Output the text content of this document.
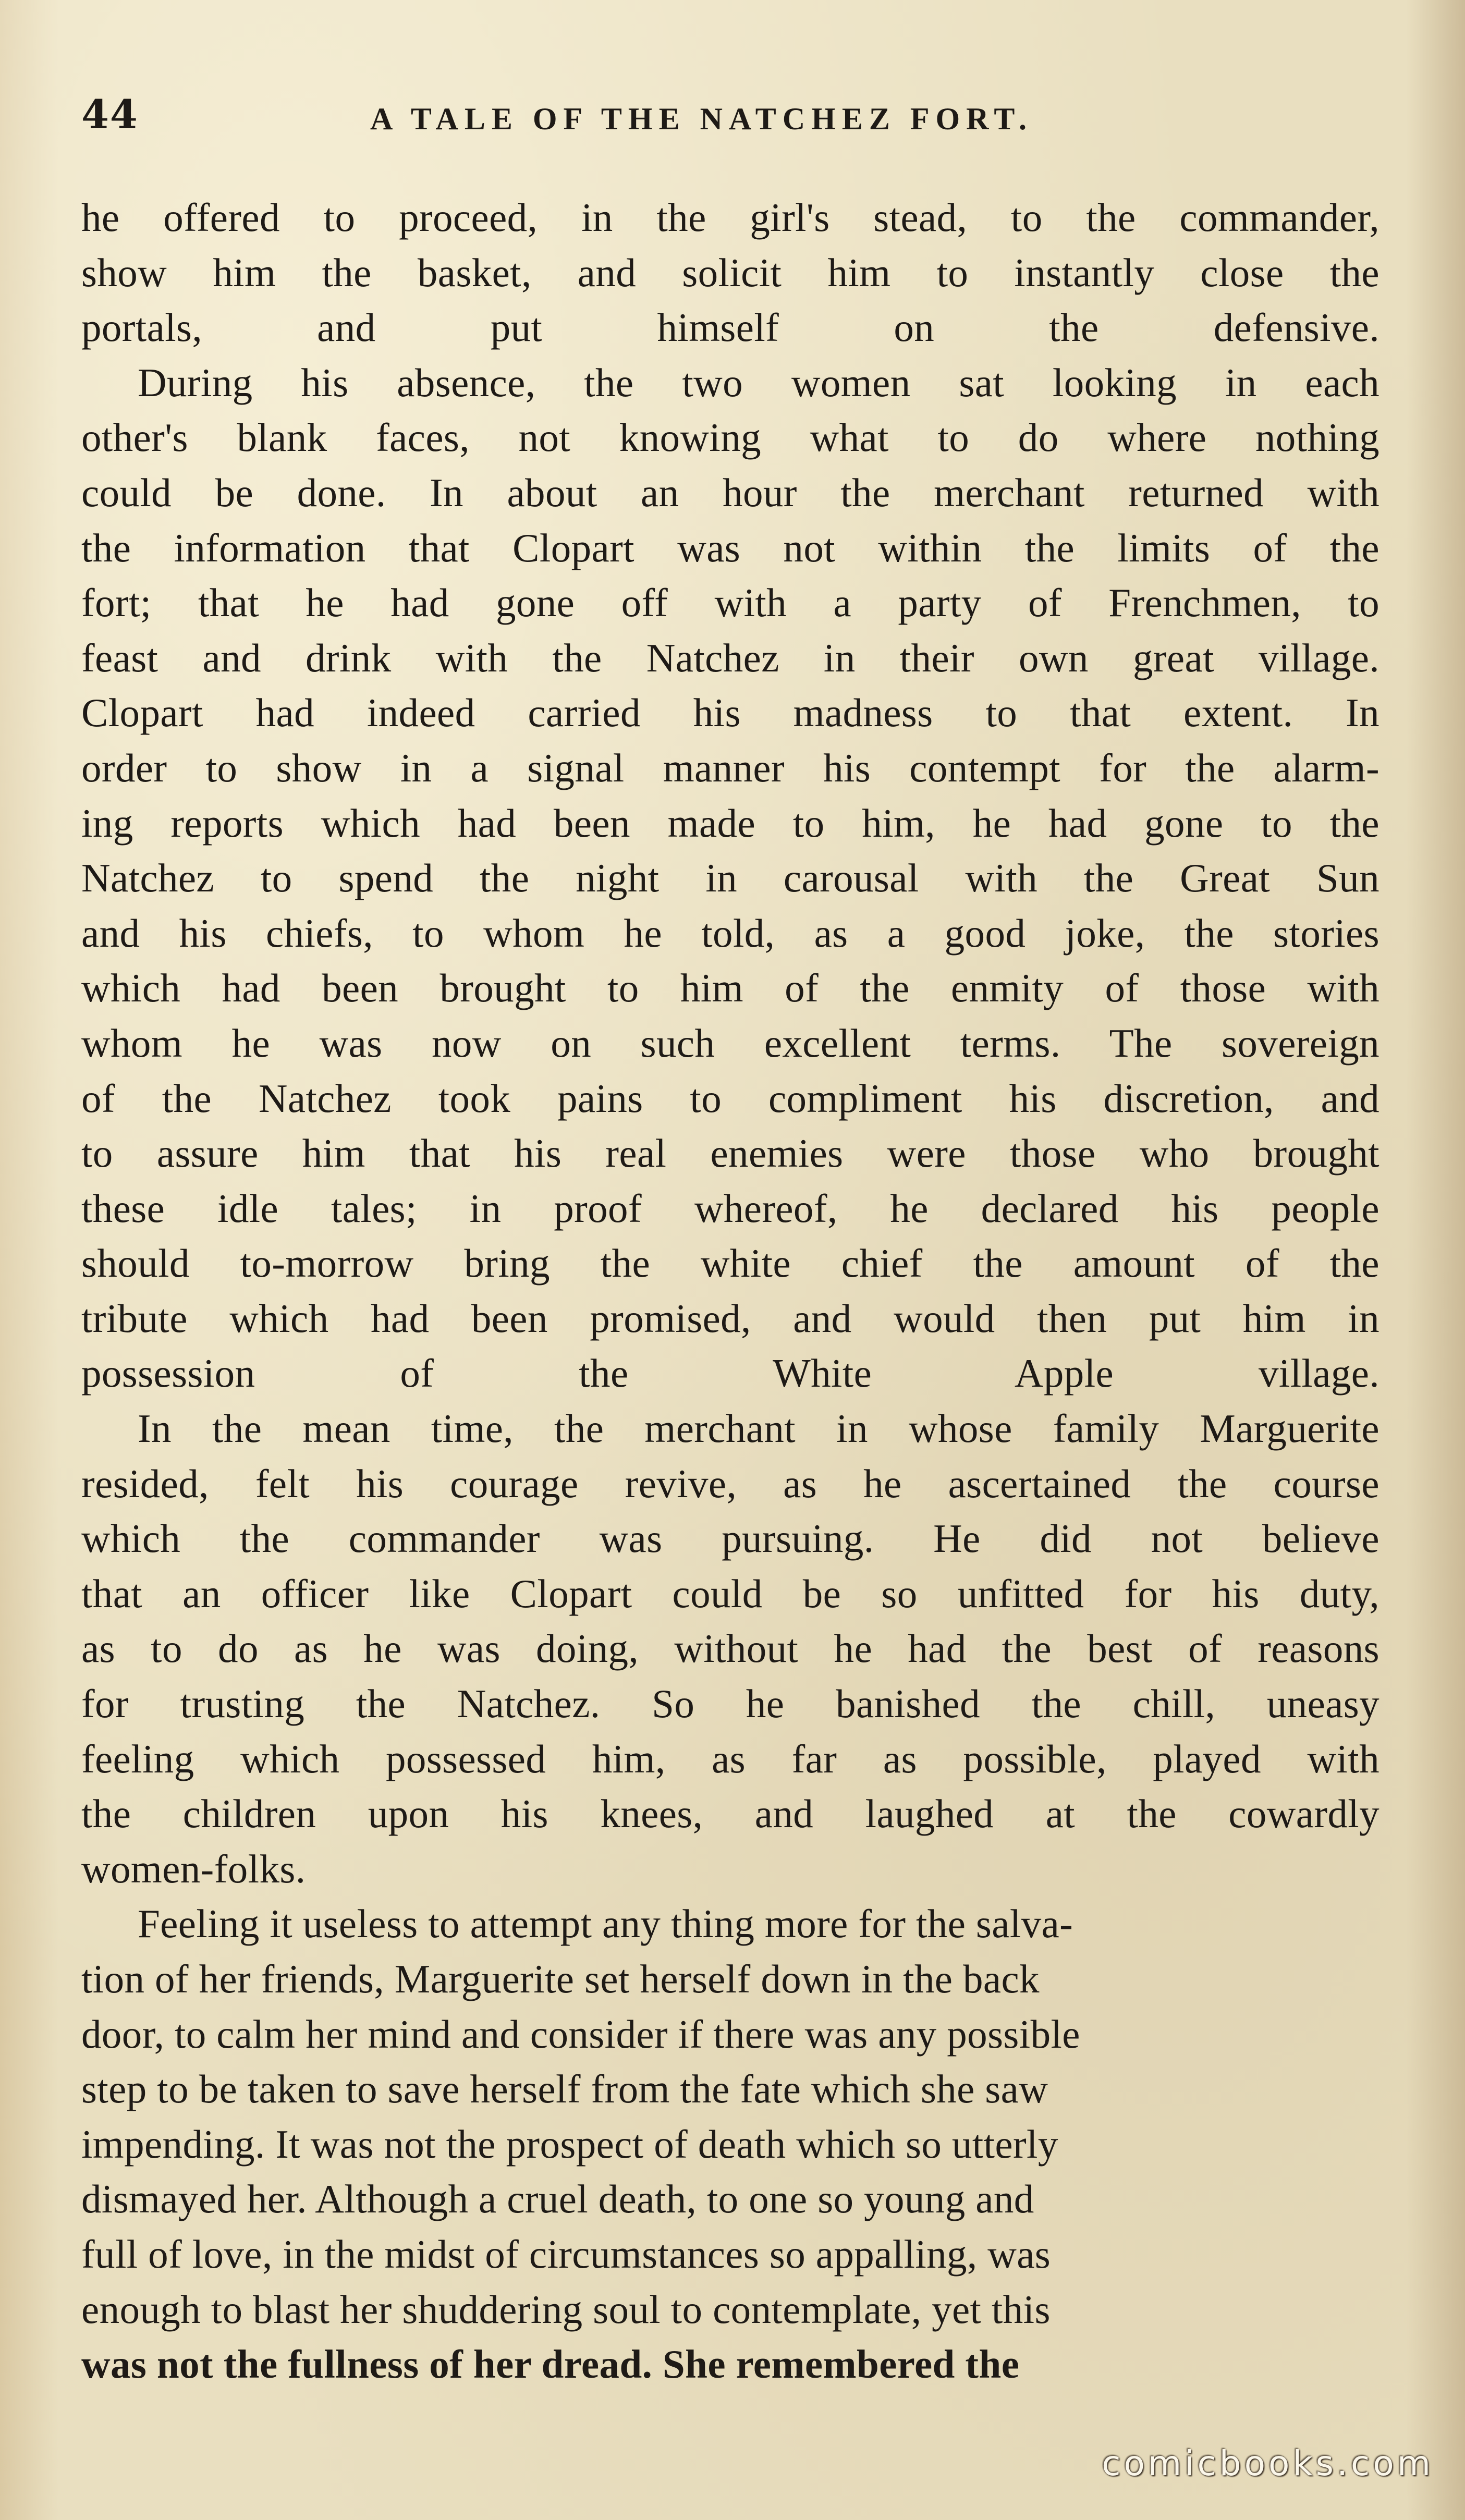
44	A TALE OF THE NATCHEZ FORT.

he offered to proceed, in the girl's stead, to the commander,
show him the basket, and solicit him to instantly close the
portals, and put himself on the defensive.

During his absence, the two women sat looking in each
other's blank faces, not knowing what to do where nothing
could be done. In about an hour the merchant returned with
the information that Clopart was not within the limits of the
fort; that he had gone off with a party of Frenchmen, to
feast and drink with the Natchez in their own great village.
Clopart had indeed carried his madness to that extent. In
order to show in a signal manner his contempt for the alarm-
ing reports which had been made to him, he had gone to the
Natchez to spend the night in carousal with the Great Sun
and his chiefs, to whom he told, as a good joke, the stories
which had been brought to him of the enmity of those with
whom he was now on such excellent terms. The sovereign
of the Natchez took pains to compliment his discretion, and
to assure him that his real enemies were those who brought
these idle tales; in proof whereof, he declared his people
should to-morrow bring the white chief the amount of the
tribute which had been promised, and would then put him in
possession of the White Apple village.

In the mean time, the merchant in whose family Marguerite
resided, felt his courage revive, as he ascertained the course
which the commander was pursuing. He did not believe
that an officer like Clopart could be so unfitted for his duty,
as to do as he was doing, without he had the best of reasons
for trusting the Natchez. So he banished the chill, uneasy
feeling which possessed him, as far as possible, played with
the children upon his knees, and laughed at the cowardly
women-folks.

Feeling it useless to attempt any thing more for the salva-
tion of her friends, Marguerite set herself down in the back
door, to calm her mind and consider if there was any possible
step to be taken to save herself from the fate which she saw
impending. It was not the prospect of death which so utterly
dismayed her. Although a cruel death, to one so young and
full of love, in the midst of circumstances so appalling, was
enough to blast her shuddering soul to contemplate, yet this
was not the fullness of her dread. She remembered the

comicbooks.com
